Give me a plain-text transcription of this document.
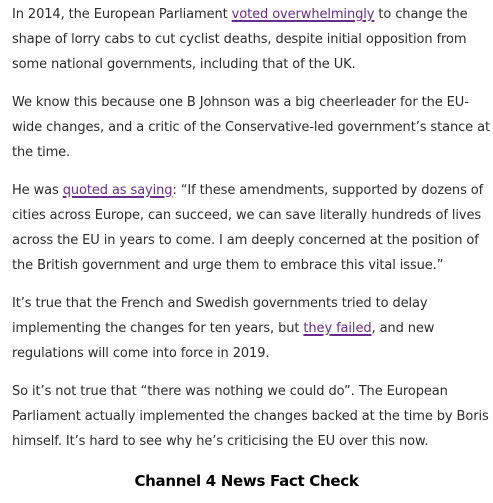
In 2014, the European Parliament voted overwhelmingly to change the shape of lorry cabs to cut cyclist deaths, despite initial opposition from some national governments, including that of the UK.

We know this because one B Johnson was a big cheerleader for the EU-wide changes, and a critic of the Conservative-led government’s stance at the time.

He was quoted as saying: “If these amendments, supported by dozens of cities across Europe, can succeed, we can save literally hundreds of lives across the EU in years to come. I am deeply concerned at the position of the British government and urge them to embrace this vital issue.”

It’s true that the French and Swedish governments tried to delay implementing the changes for ten years, but they failed, and new regulations will come into force in 2019.

So it’s not true that “there was nothing we could do”. The European Parliament actually implemented the changes backed at the time by Boris himself. It’s hard to see why he’s criticising the EU over this now.

Channel 4 News Fact Check
